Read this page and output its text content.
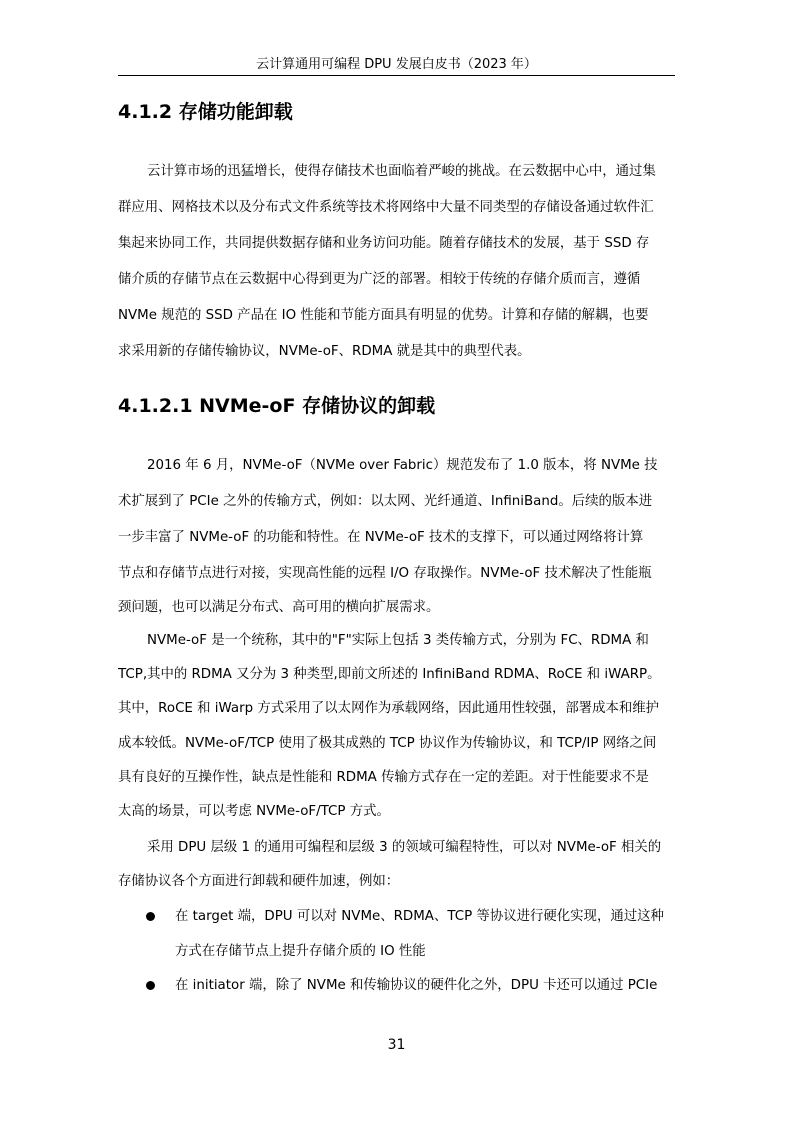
云计算通用可编程 DPU 发展白皮书（2023 年）
4.1.2 存储功能卸载
云计算市场的迅猛增长，使得存储技术也面临着严峻的挑战。在云数据中心中，通过集
群应用、网格技术以及分布式文件系统等技术将网络中大量不同类型的存储设备通过软件汇
集起来协同工作，共同提供数据存储和业务访问功能。随着存储技术的发展，基于 SSD 存
储介质的存储节点在云数据中心得到更为广泛的部署。相较于传统的存储介质而言，遵循
NVMe 规范的 SSD 产品在 IO 性能和节能方面具有明显的优势。计算和存储的解耦，也要
求采用新的存储传输协议，NVMe-oF、RDMA 就是其中的典型代表。
4.1.2.1 NVMe-oF 存储协议的卸载
2016 年 6 月，NVMe-oF（NVMe over Fabric）规范发布了 1.0 版本，将 NVMe 技
术扩展到了 PCIe 之外的传输方式，例如：以太网、光纤通道、InfiniBand。后续的版本进
一步丰富了 NVMe-oF 的功能和特性。在 NVMe-oF 技术的支撑下，可以通过网络将计算
节点和存储节点进行对接，实现高性能的远程 I/O 存取操作。NVMe-oF 技术解决了性能瓶
颈问题，也可以满足分布式、高可用的横向扩展需求。
NVMe-oF 是一个统称，其中的"F"实际上包括 3 类传输方式，分别为 FC、RDMA 和
TCP,其中的 RDMA 又分为 3 种类型,即前文所述的 InfiniBand RDMA、RoCE 和 iWARP。
其中，RoCE 和 iWarp 方式采用了以太网作为承载网络，因此通用性较强，部署成本和维护
成本较低。NVMe-oF/TCP 使用了极其成熟的 TCP 协议作为传输协议，和 TCP/IP 网络之间
具有良好的互操作性，缺点是性能和 RDMA 传输方式存在一定的差距。对于性能要求不是
太高的场景，可以考虑 NVMe-oF/TCP 方式。
采用 DPU 层级 1 的通用可编程和层级 3 的领域可编程特性，可以对 NVMe-oF 相关的
存储协议各个方面进行卸载和硬件加速，例如：
在 target 端，DPU 可以对 NVMe、RDMA、TCP 等协议进行硬化实现，通过这种
方式在存储节点上提升存储介质的 IO 性能
在 initiator 端，除了 NVMe 和传输协议的硬件化之外，DPU 卡还可以通过 PCIe
31
